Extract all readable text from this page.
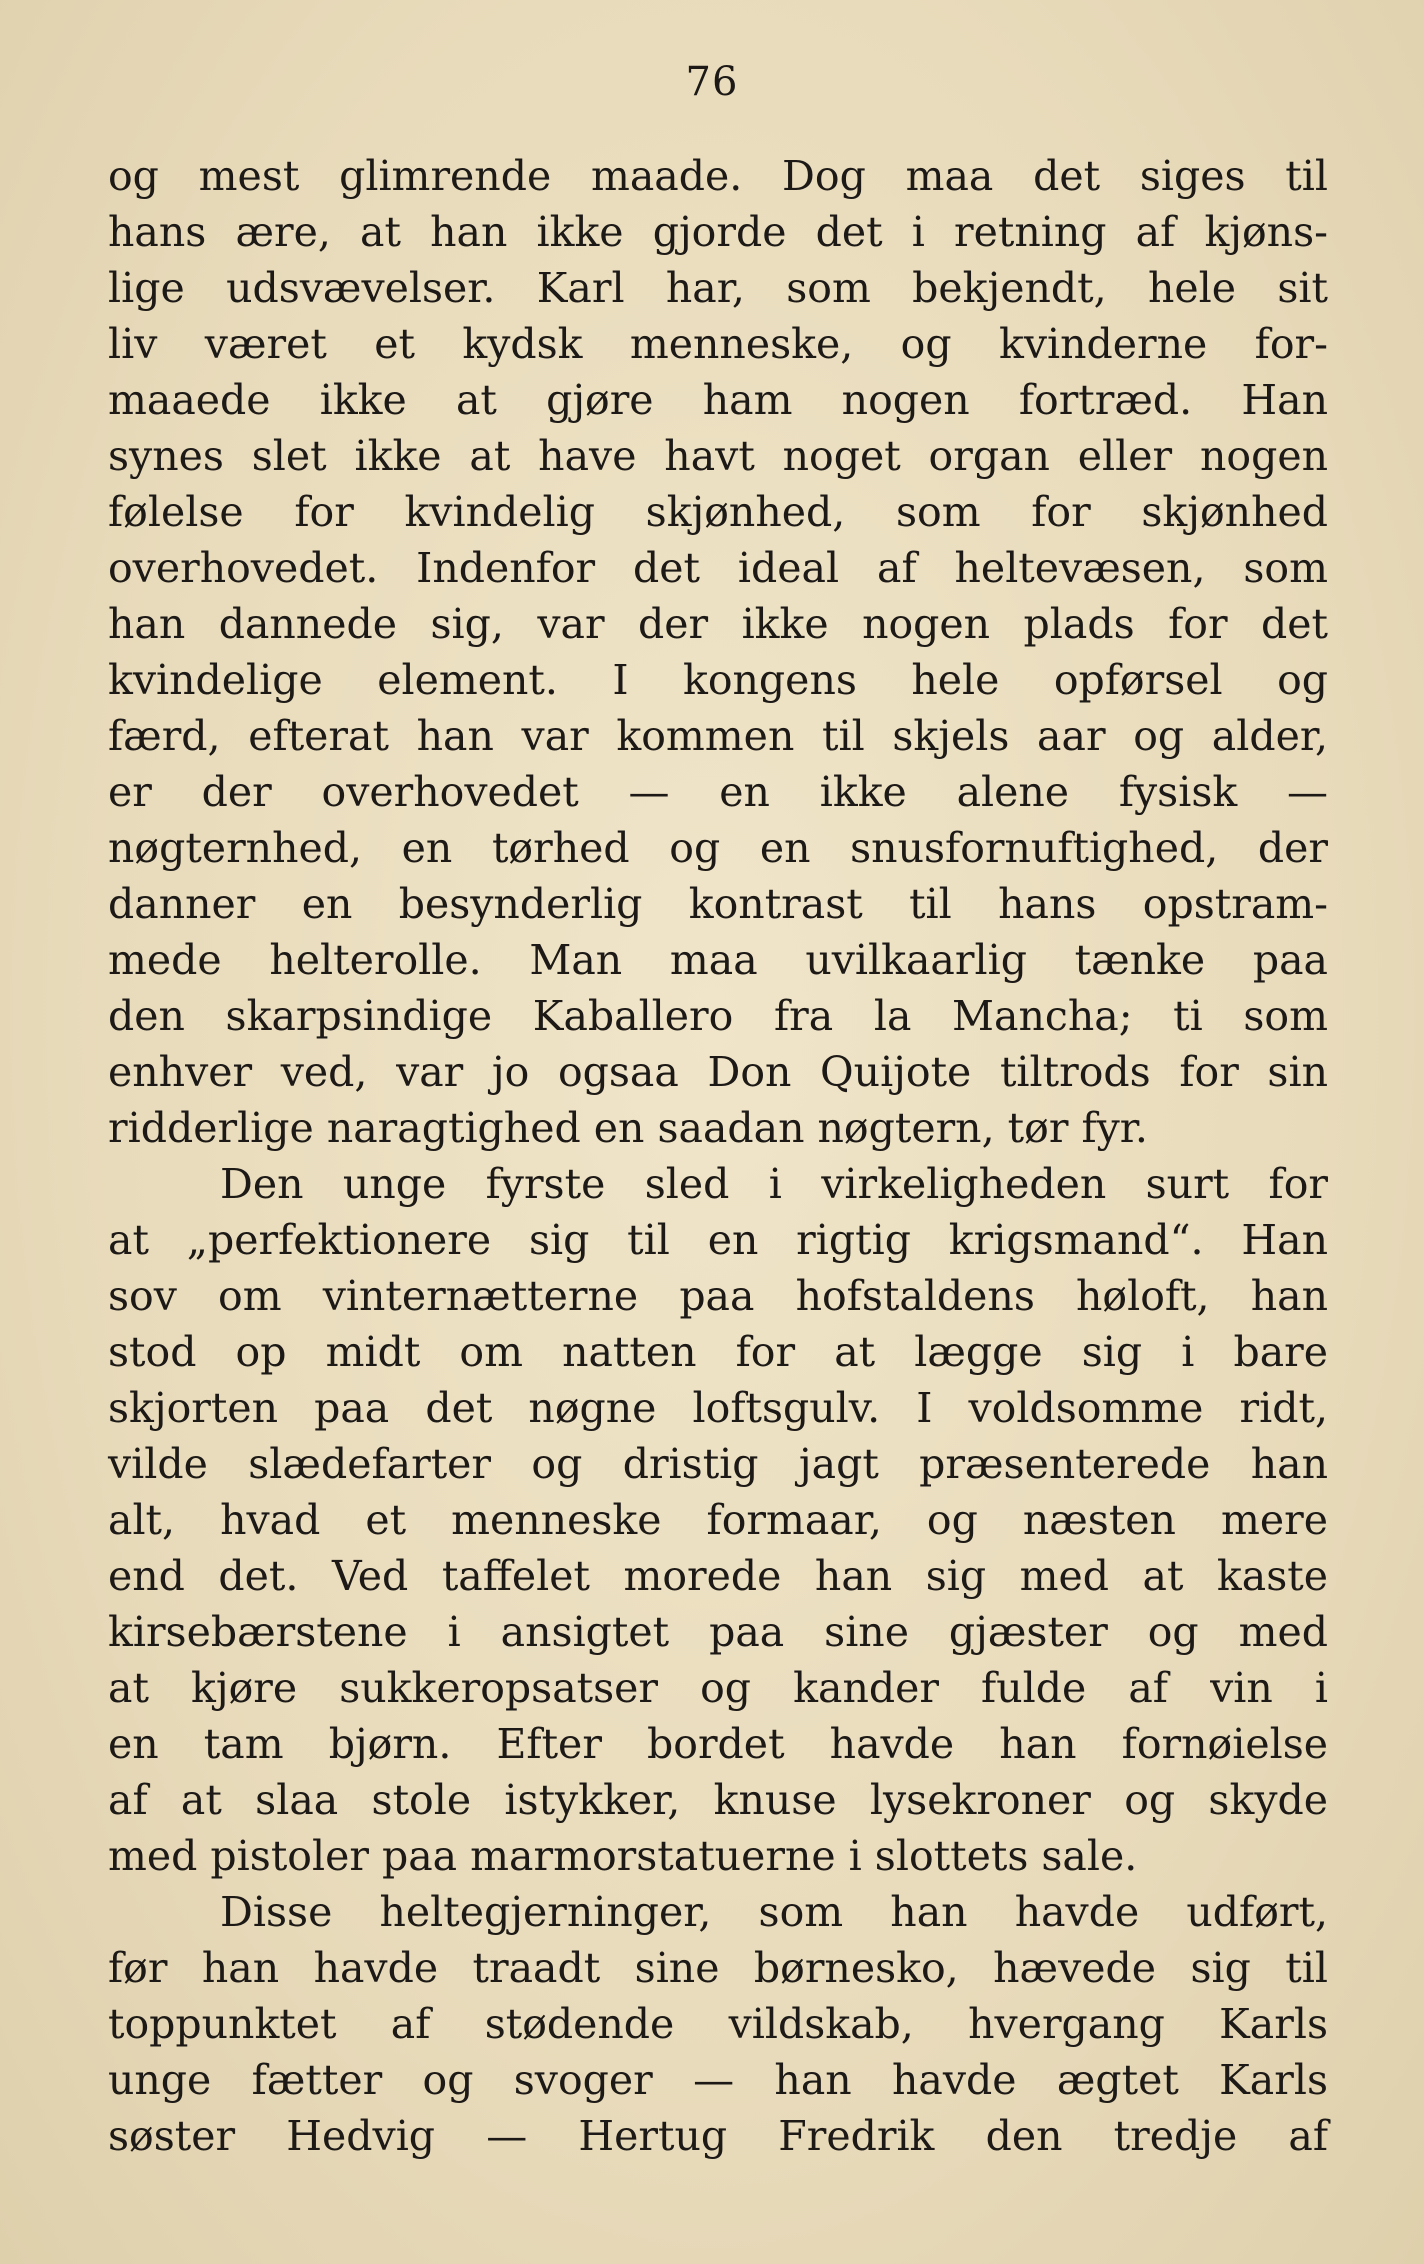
76
og mest glimrende maade. Dog maa det siges til
hans ære, at han ikke gjorde det i retning af kjøns-
lige udsvævelser. Karl har, som bekjendt, hele sit
liv været et kydsk menneske, og kvinderne for-
maaede ikke at gjøre ham nogen fortræd. Han
synes slet ikke at have havt noget organ eller nogen
følelse for kvindelig skjønhed, som for skjønhed
overhovedet. Indenfor det ideal af heltevæsen, som
han dannede sig, var der ikke nogen plads for det
kvindelige element. I kongens hele opførsel og
færd, efterat han var kommen til skjels aar og alder,
er der overhovedet — en ikke alene fysisk —
nøgternhed, en tørhed og en snusfornuftighed, der
danner en besynderlig kontrast til hans opstram-
mede helterolle. Man maa uvilkaarlig tænke paa
den skarpsindige Kaballero fra la Mancha; ti som
enhver ved, var jo ogsaa Don Quijote tiltrods for sin
ridderlige naragtighed en saadan nøgtern, tør fyr.
Den unge fyrste sled i virkeligheden surt for
at „perfektionere sig til en rigtig krigsmand“. Han
sov om vinternætterne paa hofstaldens høloft, han
stod op midt om natten for at lægge sig i bare
skjorten paa det nøgne loftsgulv. I voldsomme ridt,
vilde slædefarter og dristig jagt præsenterede han
alt, hvad et menneske formaar, og næsten mere
end det. Ved taffelet morede han sig med at kaste
kirsebærstene i ansigtet paa sine gjæster og med
at kjøre sukkeropsatser og kander fulde af vin i
en tam bjørn. Efter bordet havde han fornøielse
af at slaa stole istykker, knuse lysekroner og skyde
med pistoler paa marmorstatuerne i slottets sale.
Disse heltegjerninger, som han havde udført,
før han havde traadt sine børnesko, hævede sig til
toppunktet af stødende vildskab, hvergang Karls
unge fætter og svoger — han havde ægtet Karls
søster Hedvig — Hertug Fredrik den tredje af
